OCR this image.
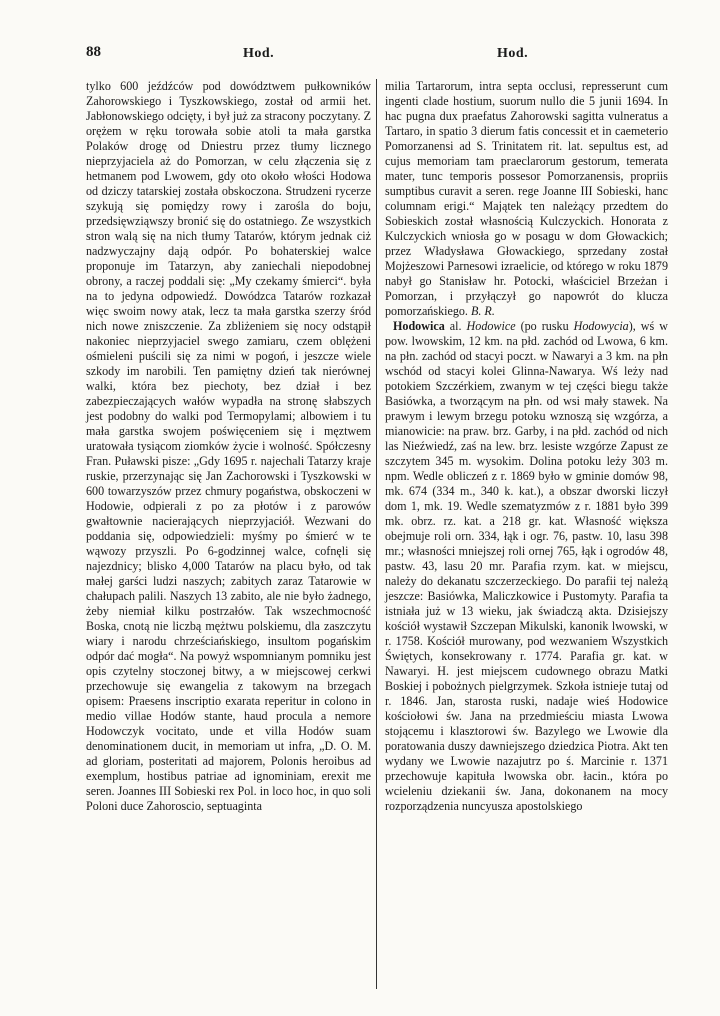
88	Hod.	Hod.

tylko 600 jeźdźców pod dowództwem pułkowników Zahorowskiego i Tyszkowskiego, został od armii het. Jabłonowskiego odcięty, i był już za stracony poczytany. Z orężem w ręku torowała sobie atoli ta mała garstka Polaków drogę od Dniestru przez tłumy licznego nieprzyjaciela aż do Pomorzan, w celu złączenia się z hetmanem pod Lwowem, gdy oto około włości Hodowa od dziczy tatarskiej została obskoczona. Strudzeni rycerze szykują się pomiędzy rowy i zarośla do boju, przedsięwziąwszy bronić się do ostatniego. Ze wszystkich stron walą się na nich tłumy Tatarów, którym jednak ciż nadzwyczajny dają odpór. Po bohaterskiej walce proponuje im Tatarzyn, aby zaniechali niepodobnej obrony, a raczej poddali się: „My czekamy śmierci“. była na to jedyna odpowiedź. Dowódzca Tatarów rozkazał więc swoim nowy atak, lecz ta mała garstka szerzy śród nich nowe zniszczenie. Za zbliżeniem się nocy odstąpił nakoniec nieprzyjaciel swego zamiaru, czem oblężeni ośmieleni puścili się za nimi w pogoń, i jeszcze wiele szkody im narobili. Ten pamiętny dzień tak nierównej walki, która bez piechoty, bez dział i bez zabezpieczających wałów wypadła na stronę słabszych jest podobny do walki pod Termopylami; albowiem i tu mała garstka swojem poświęceniem się i męztwem uratowała tysiącom ziomków życie i wolność. Spółczesny Fran. Puławski pisze: „Gdy 1695 r. najechali Tatarzy kraje ruskie, przerzynając się Jan Zachorowski i Tyszkowski w 600 towarzyszów przez chmury pogaństwa, obskoczeni w Hodowie, odpierali z po za płotów i z parowów gwałtownie nacierających nieprzyjaciół. Wezwani do poddania się, odpowiedzieli: myśmy po śmierć w te wąwozy przyszli. Po 6-godzinnej walce, cofnęli się najezdnicy; blisko 4,000 Tatarów na placu było, od tak małej garści ludzi naszych; zabitych zaraz Tatarowie w chałupach palili. Naszych 13 zabito, ale nie było żadnego, żeby niemiał kilku postrzałów. Tak wszechmocność Boska, cnotą nie liczbą mężtwu polskiemu, dla zaszczytu wiary i narodu chrześciańskiego, insultom pogańskim odpór dać mogła“. Na powyż wspomnianym pomniku jest opis czytelny stoczonej bitwy, a w miejscowej cerkwi przechowuje się ewangelia z takowym na brzegach opisem: Praesens inscriptio exarata reperitur in colono in medio villae Hodów stante, haud procula a nemore Hodowczyk vocitato, unde et villa Hodów suam denominationem ducit, in memoriam ut infra, „D. O. M. ad gloriam, posteritati ad majorem, Polonis heroibus ad exemplum, hostibus patriae ad ignominiam, erexit me seren. Joannes III Sobieski rex Pol. in loco hoc, in quo soli Poloni duce Zahoroscio, septuaginta

milia Tartarorum, intra septa occlusi, represserunt cum ingenti clade hostium, suorum nullo die 5 junii 1694. In hac pugna dux praefatus Zahorowski sagitta vulneratus a Tartaro, in spatio 3 dierum fatis concessit et in caemeterio Pomorzanensi ad S. Trinitatem rit. lat. sepultus est, ad cujus memoriam tam praeclarorum gestorum, temerata mater, tunc temporis possesor Pomorzanensis, propriis sumptibus curavit a seren. rege Joanne III Sobieski, hanc columnam erigi.“ Majątek ten należący przedtem do Sobieskich został własnością Kulczyckich. Honorata z Kulczyckich wniosła go w posagu w dom Głowackich; przez Władysława Głowackiego, sprzedany został Mojżeszowi Parnesowi izraelicie, od którego w roku 1879 nabył go Stanisław hr. Potocki, właściciel Brzeżan i Pomorzan, i przyłączył go napowrót do klucza pomorzańskiego. B. R.

Hodowica al. Hodowice (po rusku Hodowycia), wś w pow. lwowskim, 12 km. na płd. zachód od Lwowa, 6 km. na płn. zachód od stacyi poczt. w Nawaryi a 3 km. na płn wschód od stacyi kolei Glinna-Nawarya. Wś leży nad potokiem Szczérkiem, zwanym w tej części biegu także Basiówka, a tworzącym na płn. od wsi mały stawek. Na prawym i lewym brzegu potoku wznoszą się wzgórza, a mianowicie: na praw. brz. Garby, i na płd. zachód od nich las Nieźwiedź, zaś na lew. brz. lesiste wzgórze Zapust ze szczytem 345 m. wysokim. Dolina potoku leży 303 m. npm. Wedle obliczeń z r. 1869 było w gminie domów 98, mk. 674 (334 m., 340 k. kat.), a obszar dworski liczył dom 1, mk. 19. Wedle szematyzmów z r. 1881 było 399 mk. obrz. rz. kat. a 218 gr. kat. Własność większa obejmuje roli orn. 334, łąk i ogr. 76, pastw. 10, lasu 398 mr.; własności mniejszej roli ornej 765, łąk i ogrodów 48, pastw. 43, lasu 20 mr. Parafia rzym. kat. w miejscu, należy do dekanatu szczerzeckiego. Do parafii tej należą jeszcze: Basiówka, Maliczkowice i Pustomyty. Parafia ta istniała już w 13 wieku, jak świadczą akta. Dzisiejszy kościół wystawił Szczepan Mikulski, kanonik lwowski, w r. 1758. Kościół murowany, pod wezwaniem Wszystkich Świętych, konsekrowany r. 1774. Parafia gr. kat. w Nawaryi. H. jest miejscem cudownego obrazu Matki Boskiej i pobożnych pielgrzymek. Szkoła istnieje tutaj od r. 1846. Jan, starosta ruski, nadaje wieś Hodowice kościołowi św. Jana na przedmieściu miasta Lwowa stojącemu i klasztorowi św. Bazylego we Lwowie dla poratowania duszy dawniejszego dziedzica Piotra. Akt ten wydany we Lwowie nazajutrz po ś. Marcinie r. 1371 przechowuje kapituła lwowska obr. łacin., która po wcieleniu dziekanii św. Jana, dokonanem na mocy rozporządzenia nuncyusza apostolskiego
